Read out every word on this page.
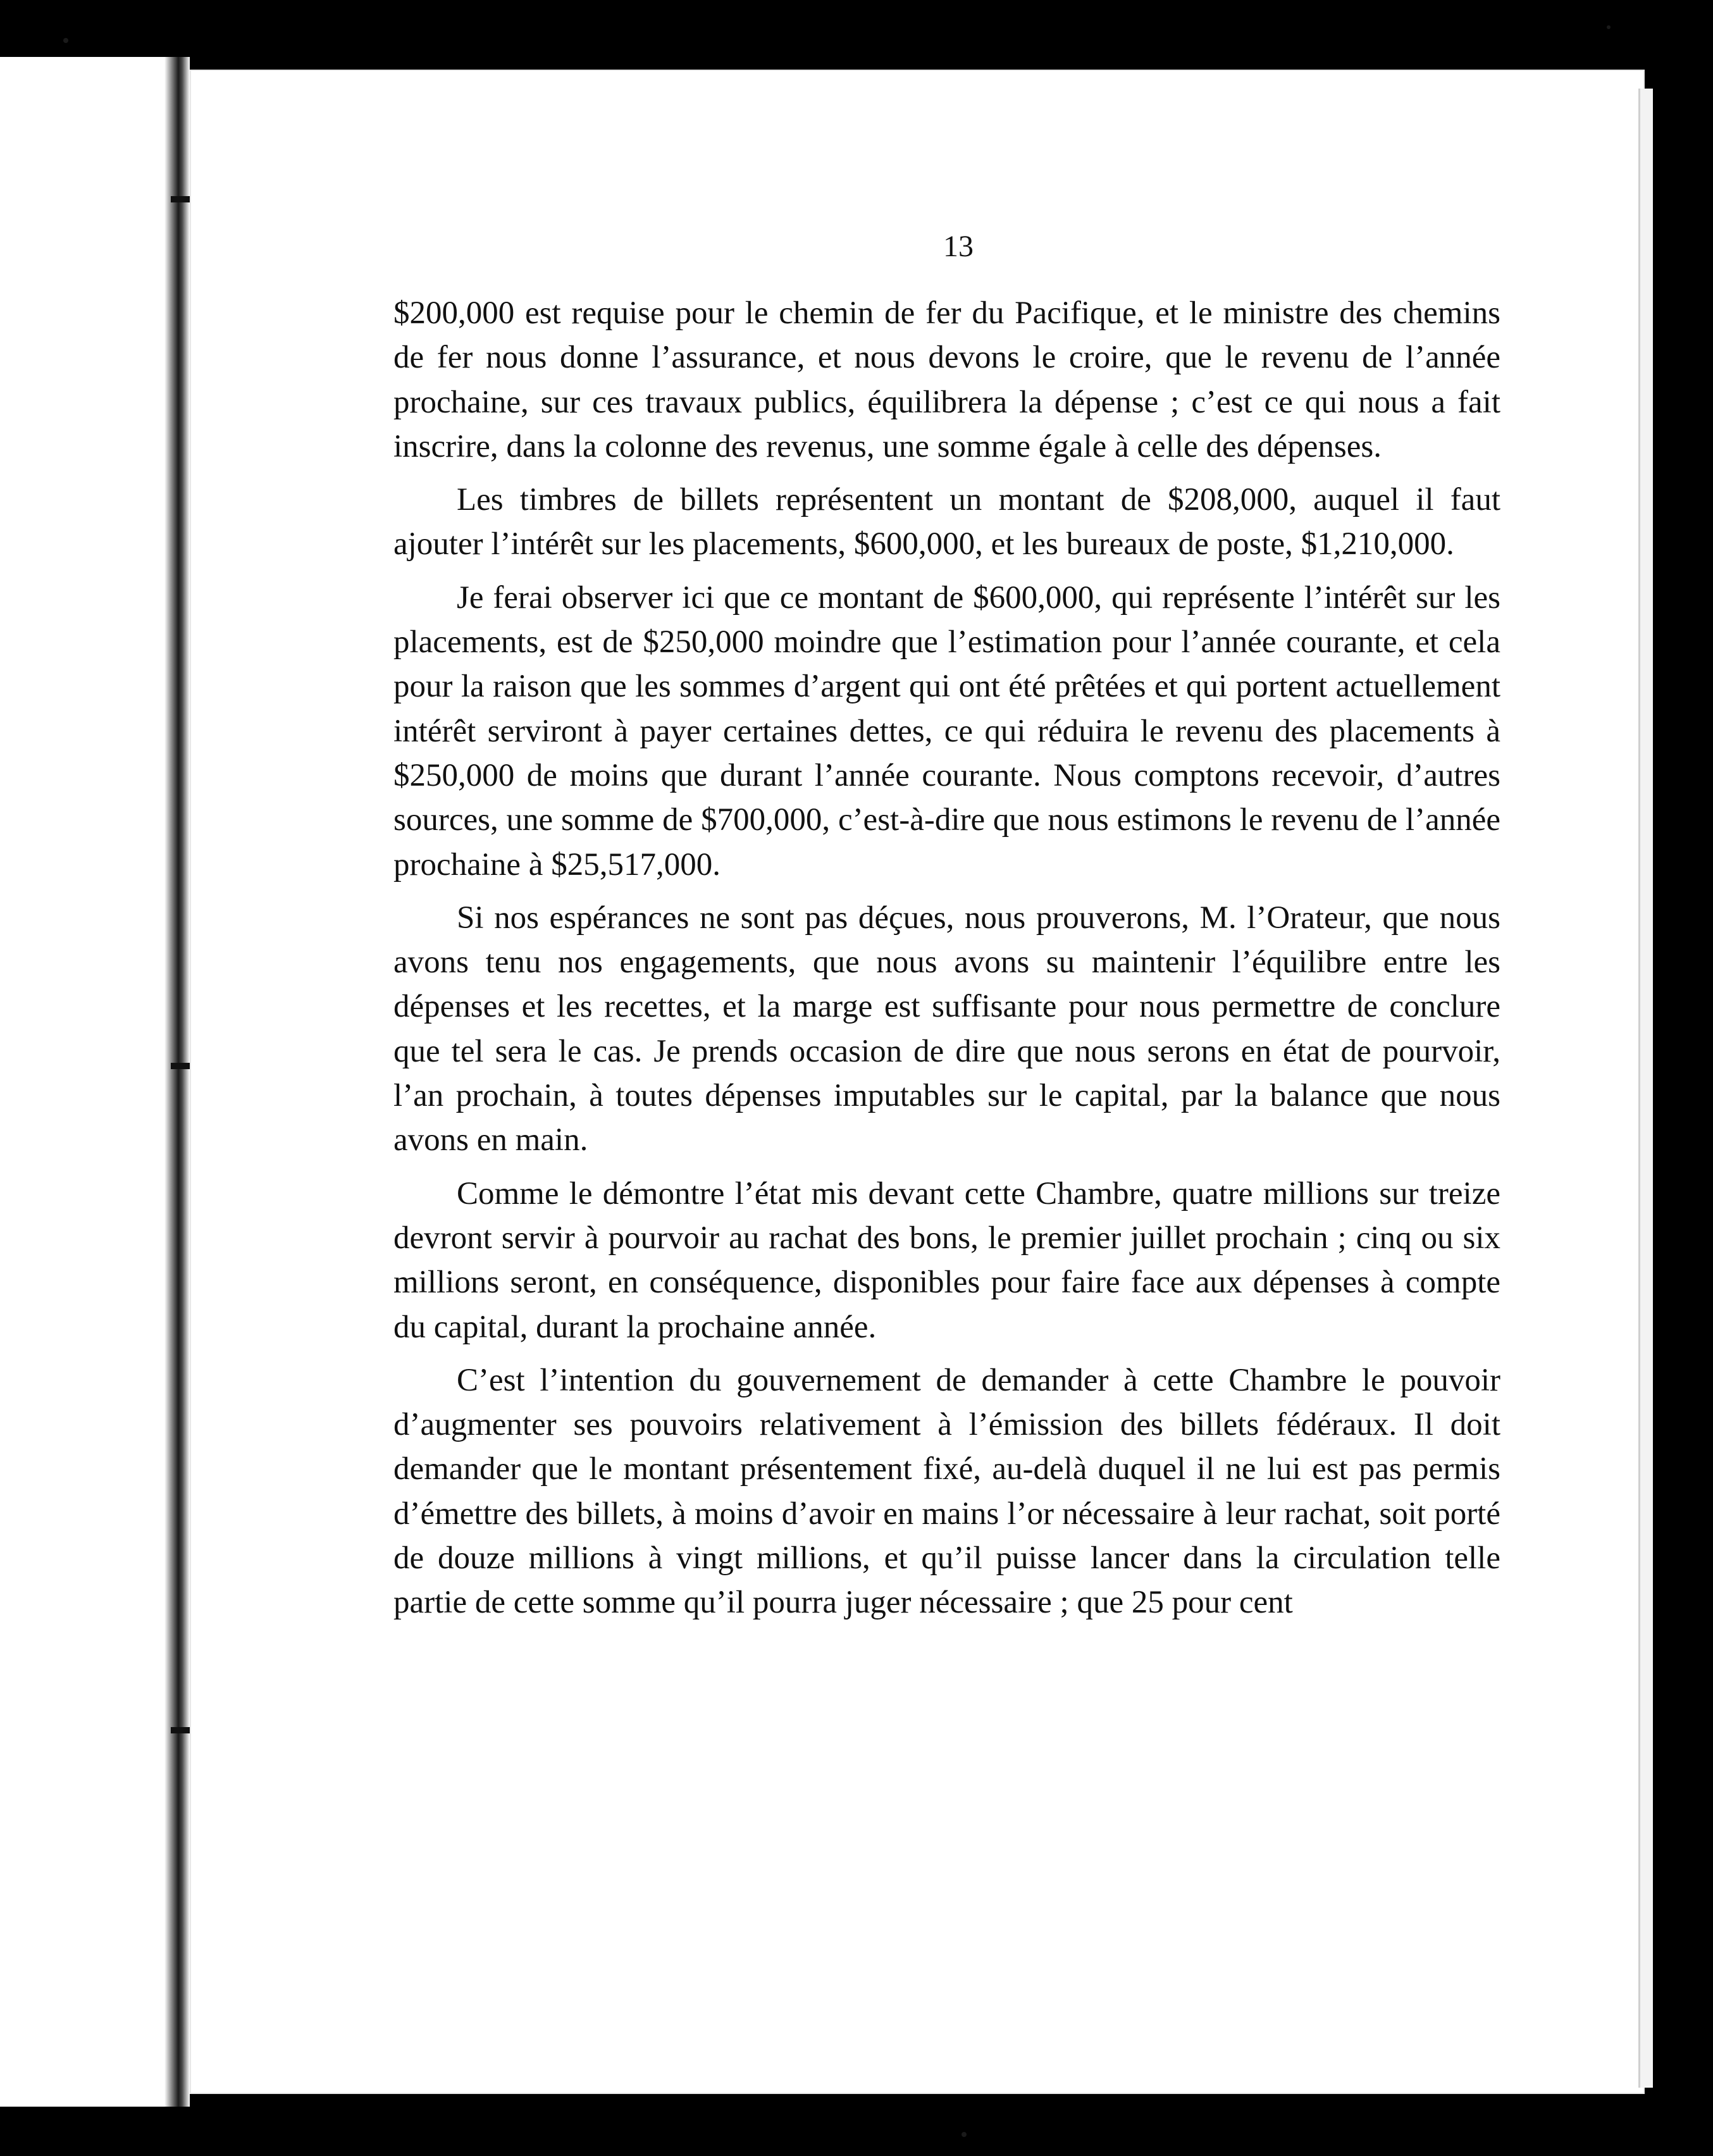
13

$200,000 est requise pour le chemin de fer du Pacifique, et le ministre des chemins de fer nous donne l’assurance, et nous devons le croire, que le revenu de l’année prochaine, sur ces travaux publics, équilibrera la dépense ; c’est ce qui nous a fait inscrire, dans la colonne des revenus, une somme égale à celle des dépenses.

Les timbres de billets représentent un montant de $208,000, auquel il faut ajouter l’intérêt sur les placements, $600,000, et les bureaux de poste, $1,210,000.

Je ferai observer ici que ce montant de $600,000, qui représente l’intérêt sur les placements, est de $250,000 moindre que l’estimation pour l’année courante, et cela pour la raison que les sommes d’argent qui ont été prêtées et qui portent actuellement intérêt serviront à payer certaines dettes, ce qui réduira le revenu des placements à $250,000 de moins que durant l’année courante. Nous comptons recevoir, d’autres sources, une somme de $700,000, c’est-à-dire que nous estimons le revenu de l’année prochaine à $25,517,000.

Si nos espérances ne sont pas déçues, nous prouverons, M. l’Orateur, que nous avons tenu nos engagements, que nous avons su maintenir l’équilibre entre les dépenses et les recettes, et la marge est suffisante pour nous permettre de conclure que tel sera le cas. Je prends occasion de dire que nous serons en état de pourvoir, l’an prochain, à toutes dépenses imputables sur le capital, par la balance que nous avons en main.

Comme le démontre l’état mis devant cette Chambre, quatre millions sur treize devront servir à pourvoir au rachat des bons, le premier juillet prochain ; cinq ou six millions seront, en conséquence, disponibles pour faire face aux dépenses à compte du capital, durant la prochaine année.

C’est l’intention du gouvernement de demander à cette Chambre le pouvoir d’augmenter ses pouvoirs relativement à l’émission des billets fédéraux. Il doit demander que le montant présentement fixé, au-delà duquel il ne lui est pas permis d’émettre des billets, à moins d’avoir en mains l’or nécessaire à leur rachat, soit porté de douze millions à vingt millions, et qu’il puisse lancer dans la circulation telle partie de cette somme qu’il pourra juger nécessaire ; que 25 pour cent
